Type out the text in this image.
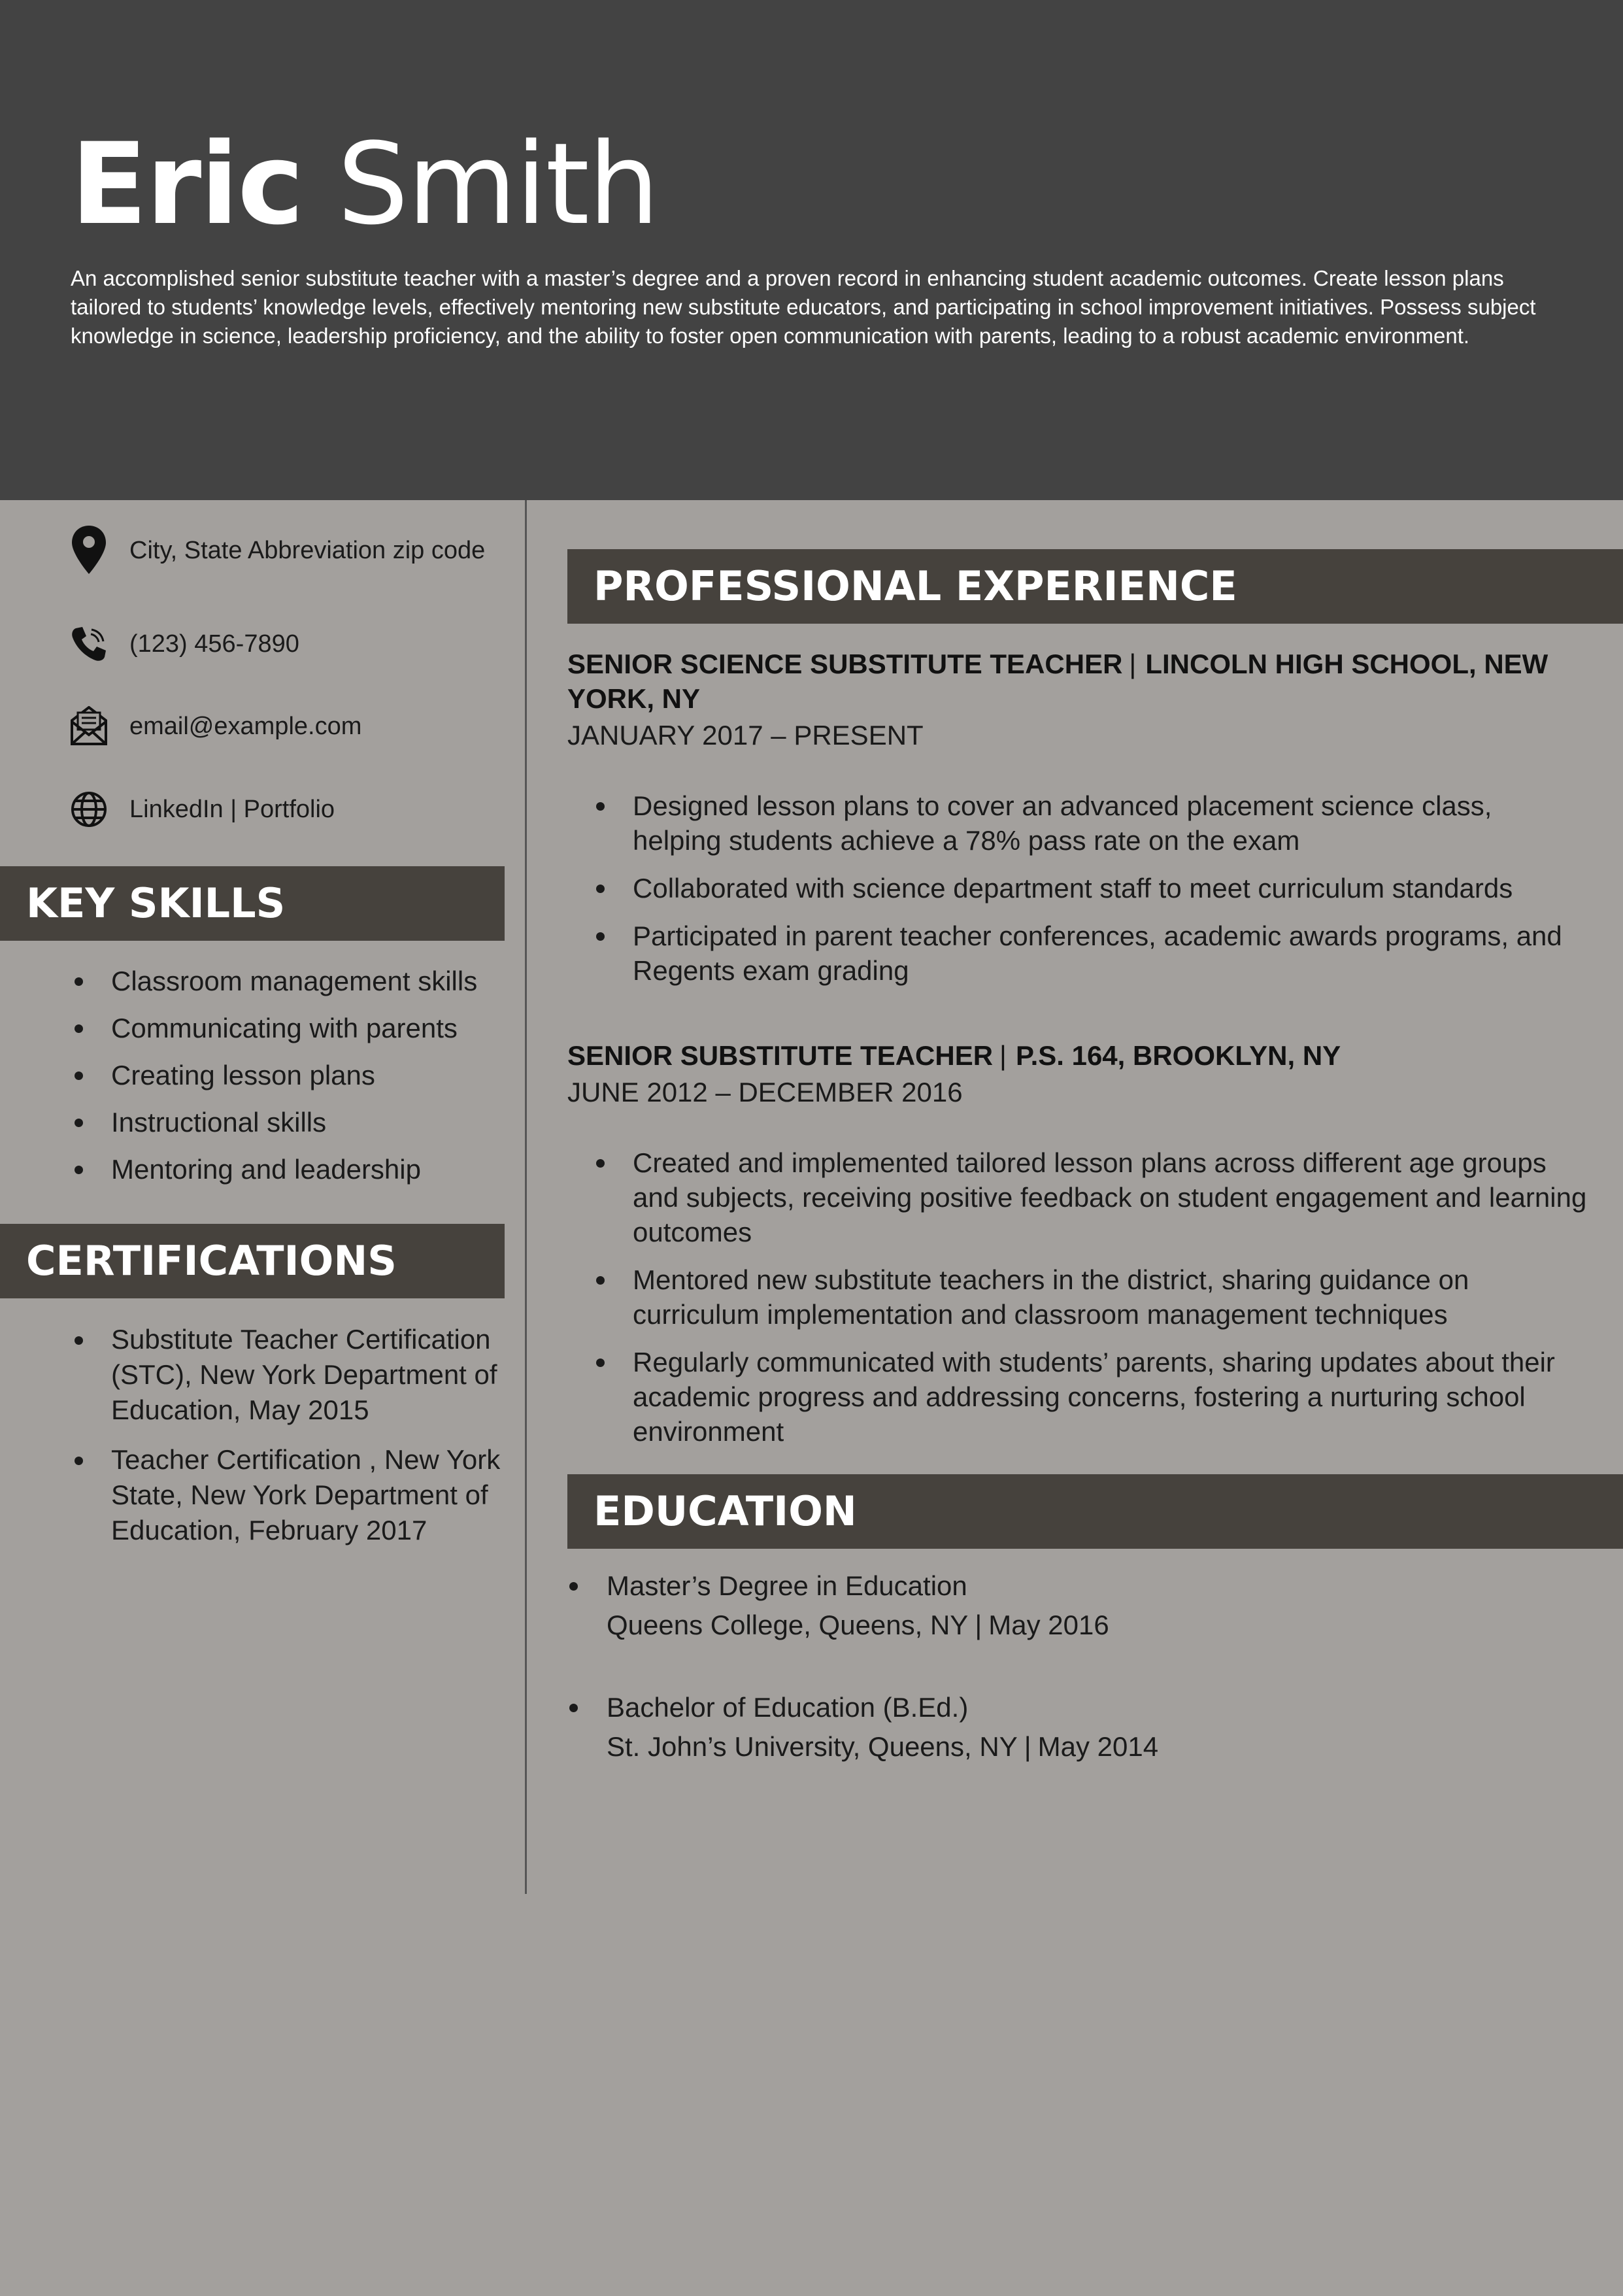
Eric Smith
An accomplished senior substitute teacher with a master’s degree and a proven record in enhancing student academic outcomes. Create lesson plans tailored to students’ knowledge levels, effectively mentoring new substitute educators, and participating in school improvement initiatives. Possess subject knowledge in science, leadership proficiency, and the ability to foster open communication with parents, leading to a robust academic environment.
City, State Abbreviation zip code
(123) 456-7890
email@example.com
LinkedIn | Portfolio
KEY SKILLS
Classroom management skills
Communicating with parents
Creating lesson plans
Instructional skills
Mentoring and leadership
CERTIFICATIONS
Substitute Teacher Certification (STC), New York Department of Education, May 2015
Teacher Certification , New York State, New York Department of Education, February 2017
PROFESSIONAL EXPERIENCE
SENIOR SCIENCE SUBSTITUTE TEACHER | LINCOLN HIGH SCHOOL, NEW YORK, NY
JANUARY 2017 – PRESENT
Designed lesson plans to cover an advanced placement science class, helping students achieve a 78% pass rate on the exam
Collaborated with science department staff to meet curriculum standards
Participated in parent teacher conferences, academic awards programs, and Regents exam grading
SENIOR SUBSTITUTE TEACHER | P.S. 164, BROOKLYN, NY
JUNE 2012 – DECEMBER 2016
Created and implemented tailored lesson plans across different age groups and subjects, receiving positive feedback on student engagement and learning outcomes
Mentored new substitute teachers in the district, sharing guidance on curriculum implementation and classroom management techniques
Regularly communicated with students’ parents, sharing updates about their academic progress and addressing concerns, fostering a nurturing school environment
EDUCATION
Master’s Degree in Education
Queens College, Queens, NY | May 2016
Bachelor of Education (B.Ed.)
St. John’s University, Queens, NY | May 2014
